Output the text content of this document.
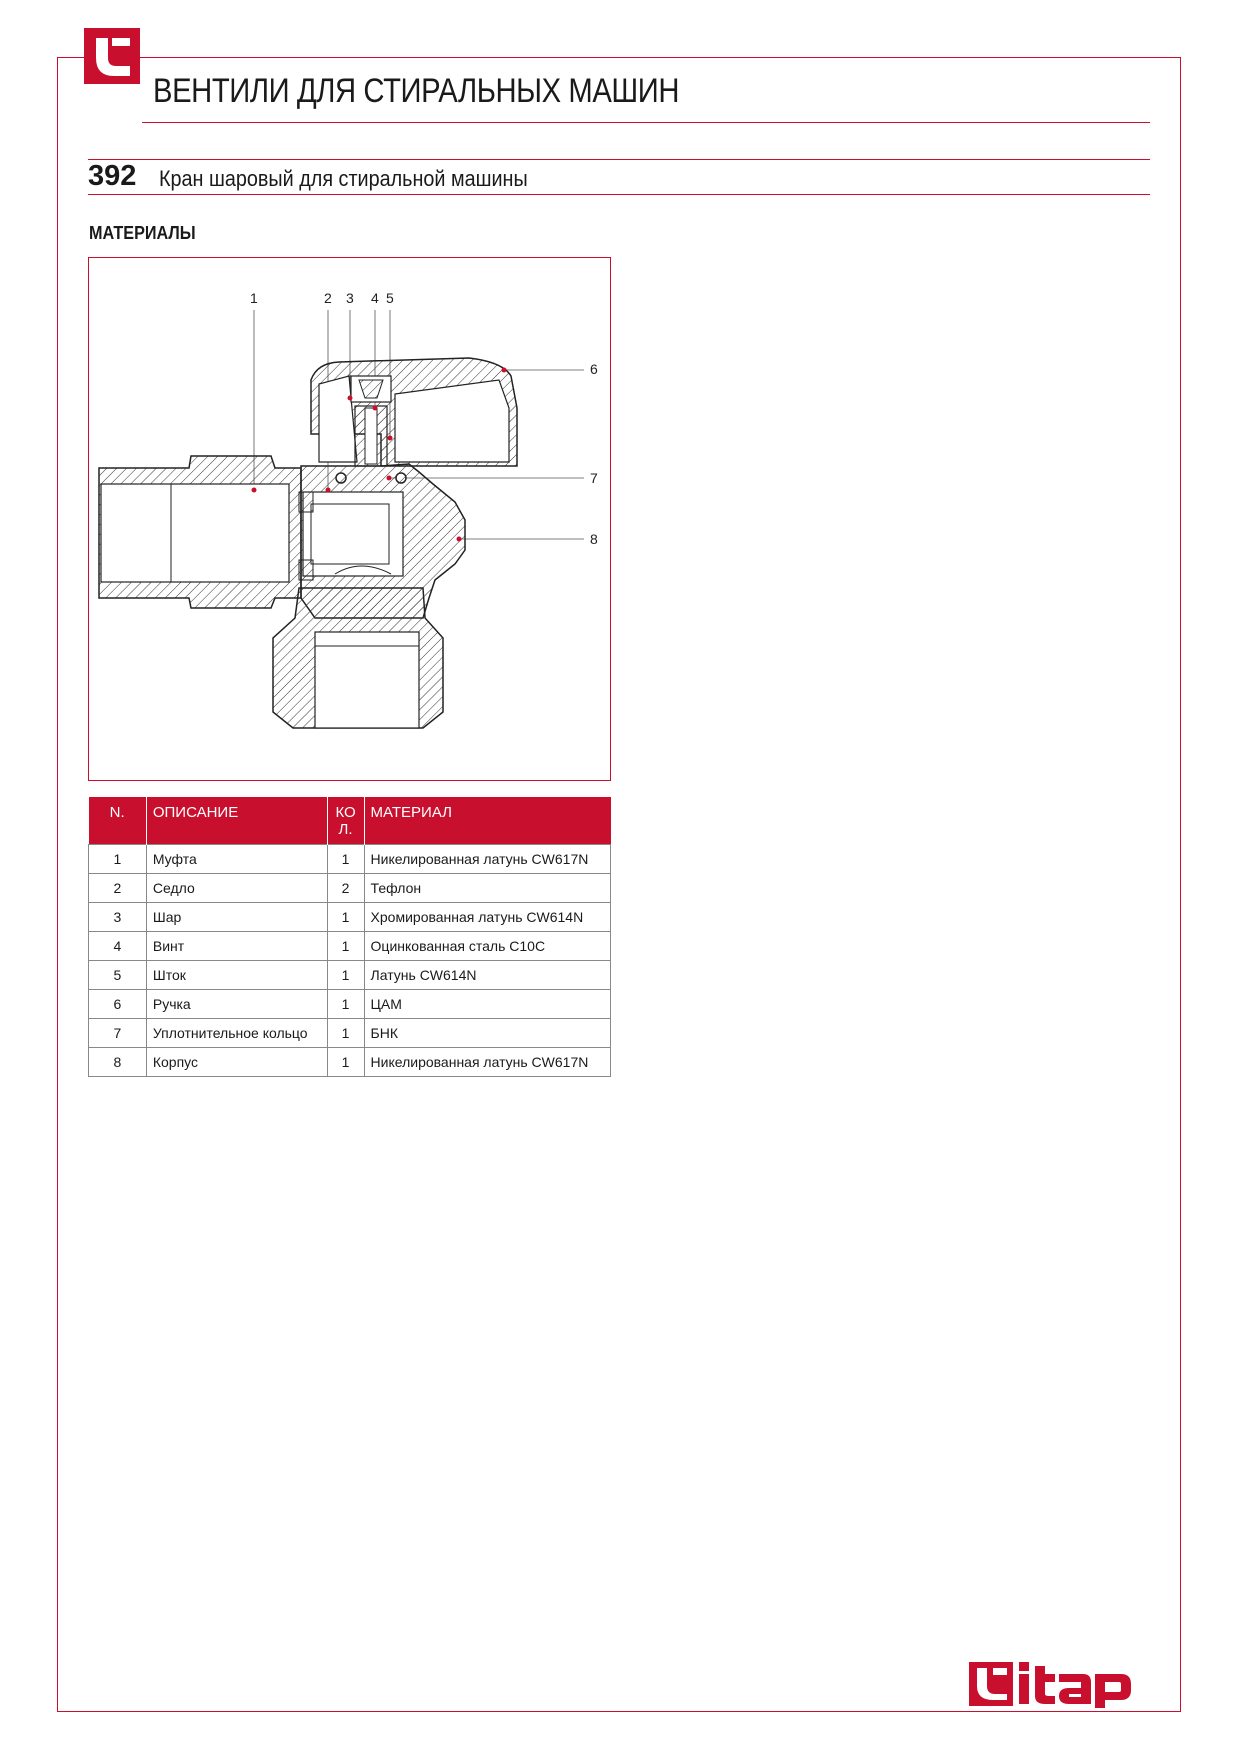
ВЕНТИЛИ ДЛЯ СТИРАЛЬНЫХ МАШИН
392 Кран шаровый для стиральной машины
МАТЕРИАЛЫ
1	2 3 4 5
6
7
8
N.	ОПИСАНИЕ	КО Л.	МАТЕРИАЛ
1	Муфта	1	Никелированная латунь CW617N
2	Седло	2	Тефлон
3	Шар	1	Хромированная латунь CW614N
4	Винт	1	Оцинкованная сталь C10C
5	Шток	1	Латунь CW614N
6	Ручка	1	ЦАМ
7	Уплотнительное кольцо	1	БНК
8	Корпус	1	Никелированная латунь CW617N
